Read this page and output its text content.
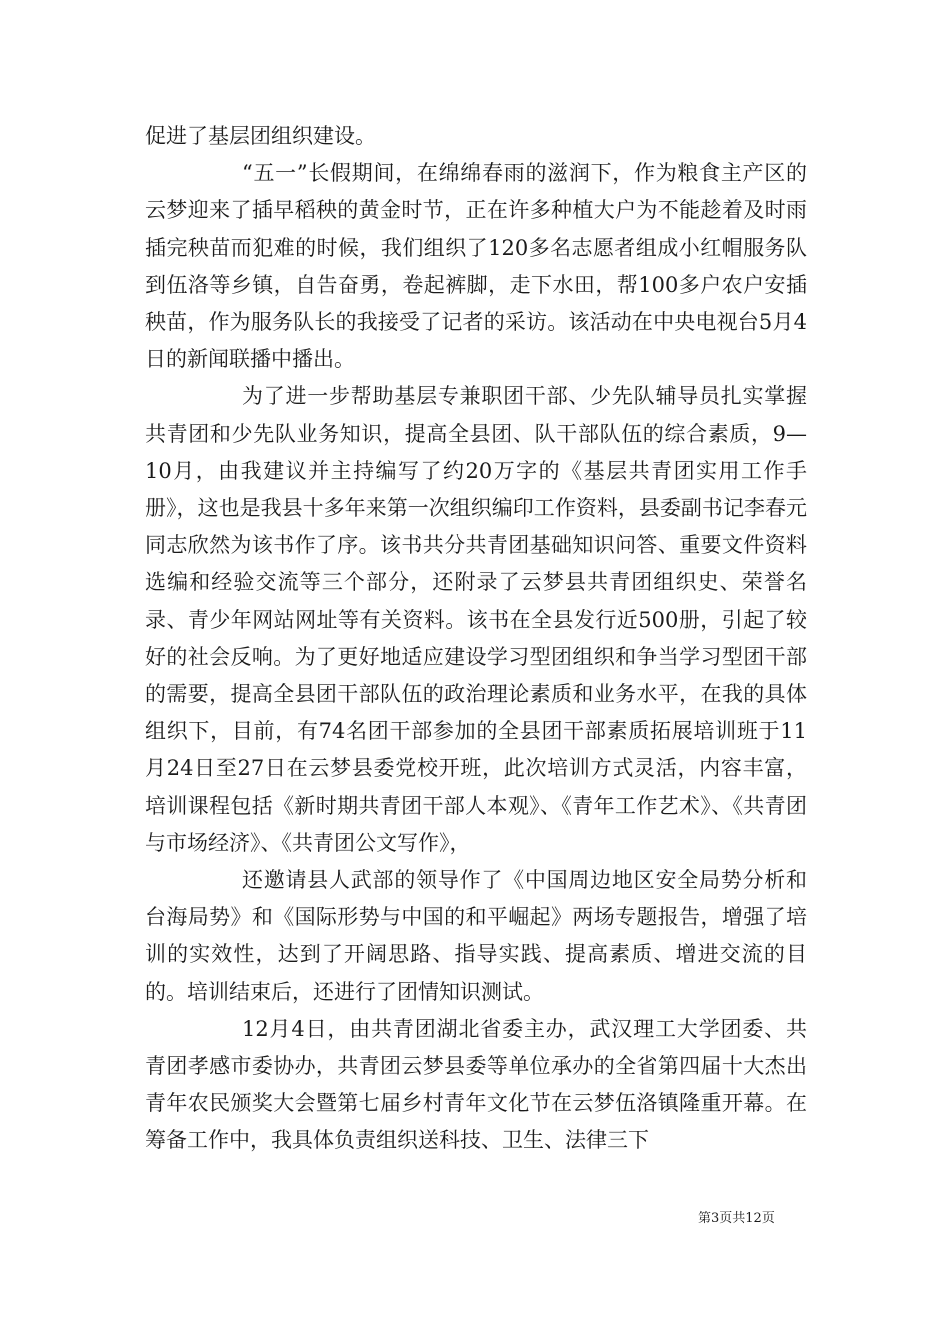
促进了基层团组织建设。

“五一”长假期间，在绵绵春雨的滋润下，作为粮食主产区的云梦迎来了插早稻秧的黄金时节，正在许多种植大户为不能趁着及时雨插完秧苗而犯难的时候，我们组织了120多名志愿者组成小红帽服务队到伍洛等乡镇，自告奋勇，卷起裤脚，走下水田，帮100多户农户安插秧苗，作为服务队长的我接受了记者的采访。该活动在中央电视台5月4日的新闻联播中播出。

为了进一步帮助基层专兼职团干部、少先队辅导员扎实掌握共青团和少先队业务知识，提高全县团、队干部队伍的综合素质，9—10月，由我建议并主持编写了约20万字的《基层共青团实用工作手册》，这也是我县十多年来第一次组织编印工作资料，县委副书记李春元同志欣然为该书作了序。该书共分共青团基础知识问答、重要文件资料选编和经验交流等三个部分，还附录了云梦县共青团组织史、荣誉名录、青少年网站网址等有关资料。该书在全县发行近500册，引起了较好的社会反响。为了更好地适应建设学习型团组织和争当学习型团干部的需要，提高全县团干部队伍的政治理论素质和业务水平，在我的具体组织下，目前，有74名团干部参加的全县团干部素质拓展培训班于11月24日至27日在云梦县委党校开班，此次培训方式灵活，内容丰富，培训课程包括《新时期共青团干部人本观》、《青年工作艺术》、《共青团与市场经济》、《共青团公文写作》，

还邀请县人武部的领导作了《中国周边地区安全局势分析和台海局势》和《国际形势与中国的和平崛起》两场专题报告，增强了培训的实效性，达到了开阔思路、指导实践、提高素质、增进交流的目的。培训结束后，还进行了团情知识测试。

12月4日，由共青团湖北省委主办，武汉理工大学团委、共青团孝感市委协办，共青团云梦县委等单位承办的全省第四届十大杰出青年农民颁奖大会暨第七届乡村青年文化节在云梦伍洛镇隆重开幕。在筹备工作中，我具体负责组织送科技、卫生、法律三下

第3页共12页
